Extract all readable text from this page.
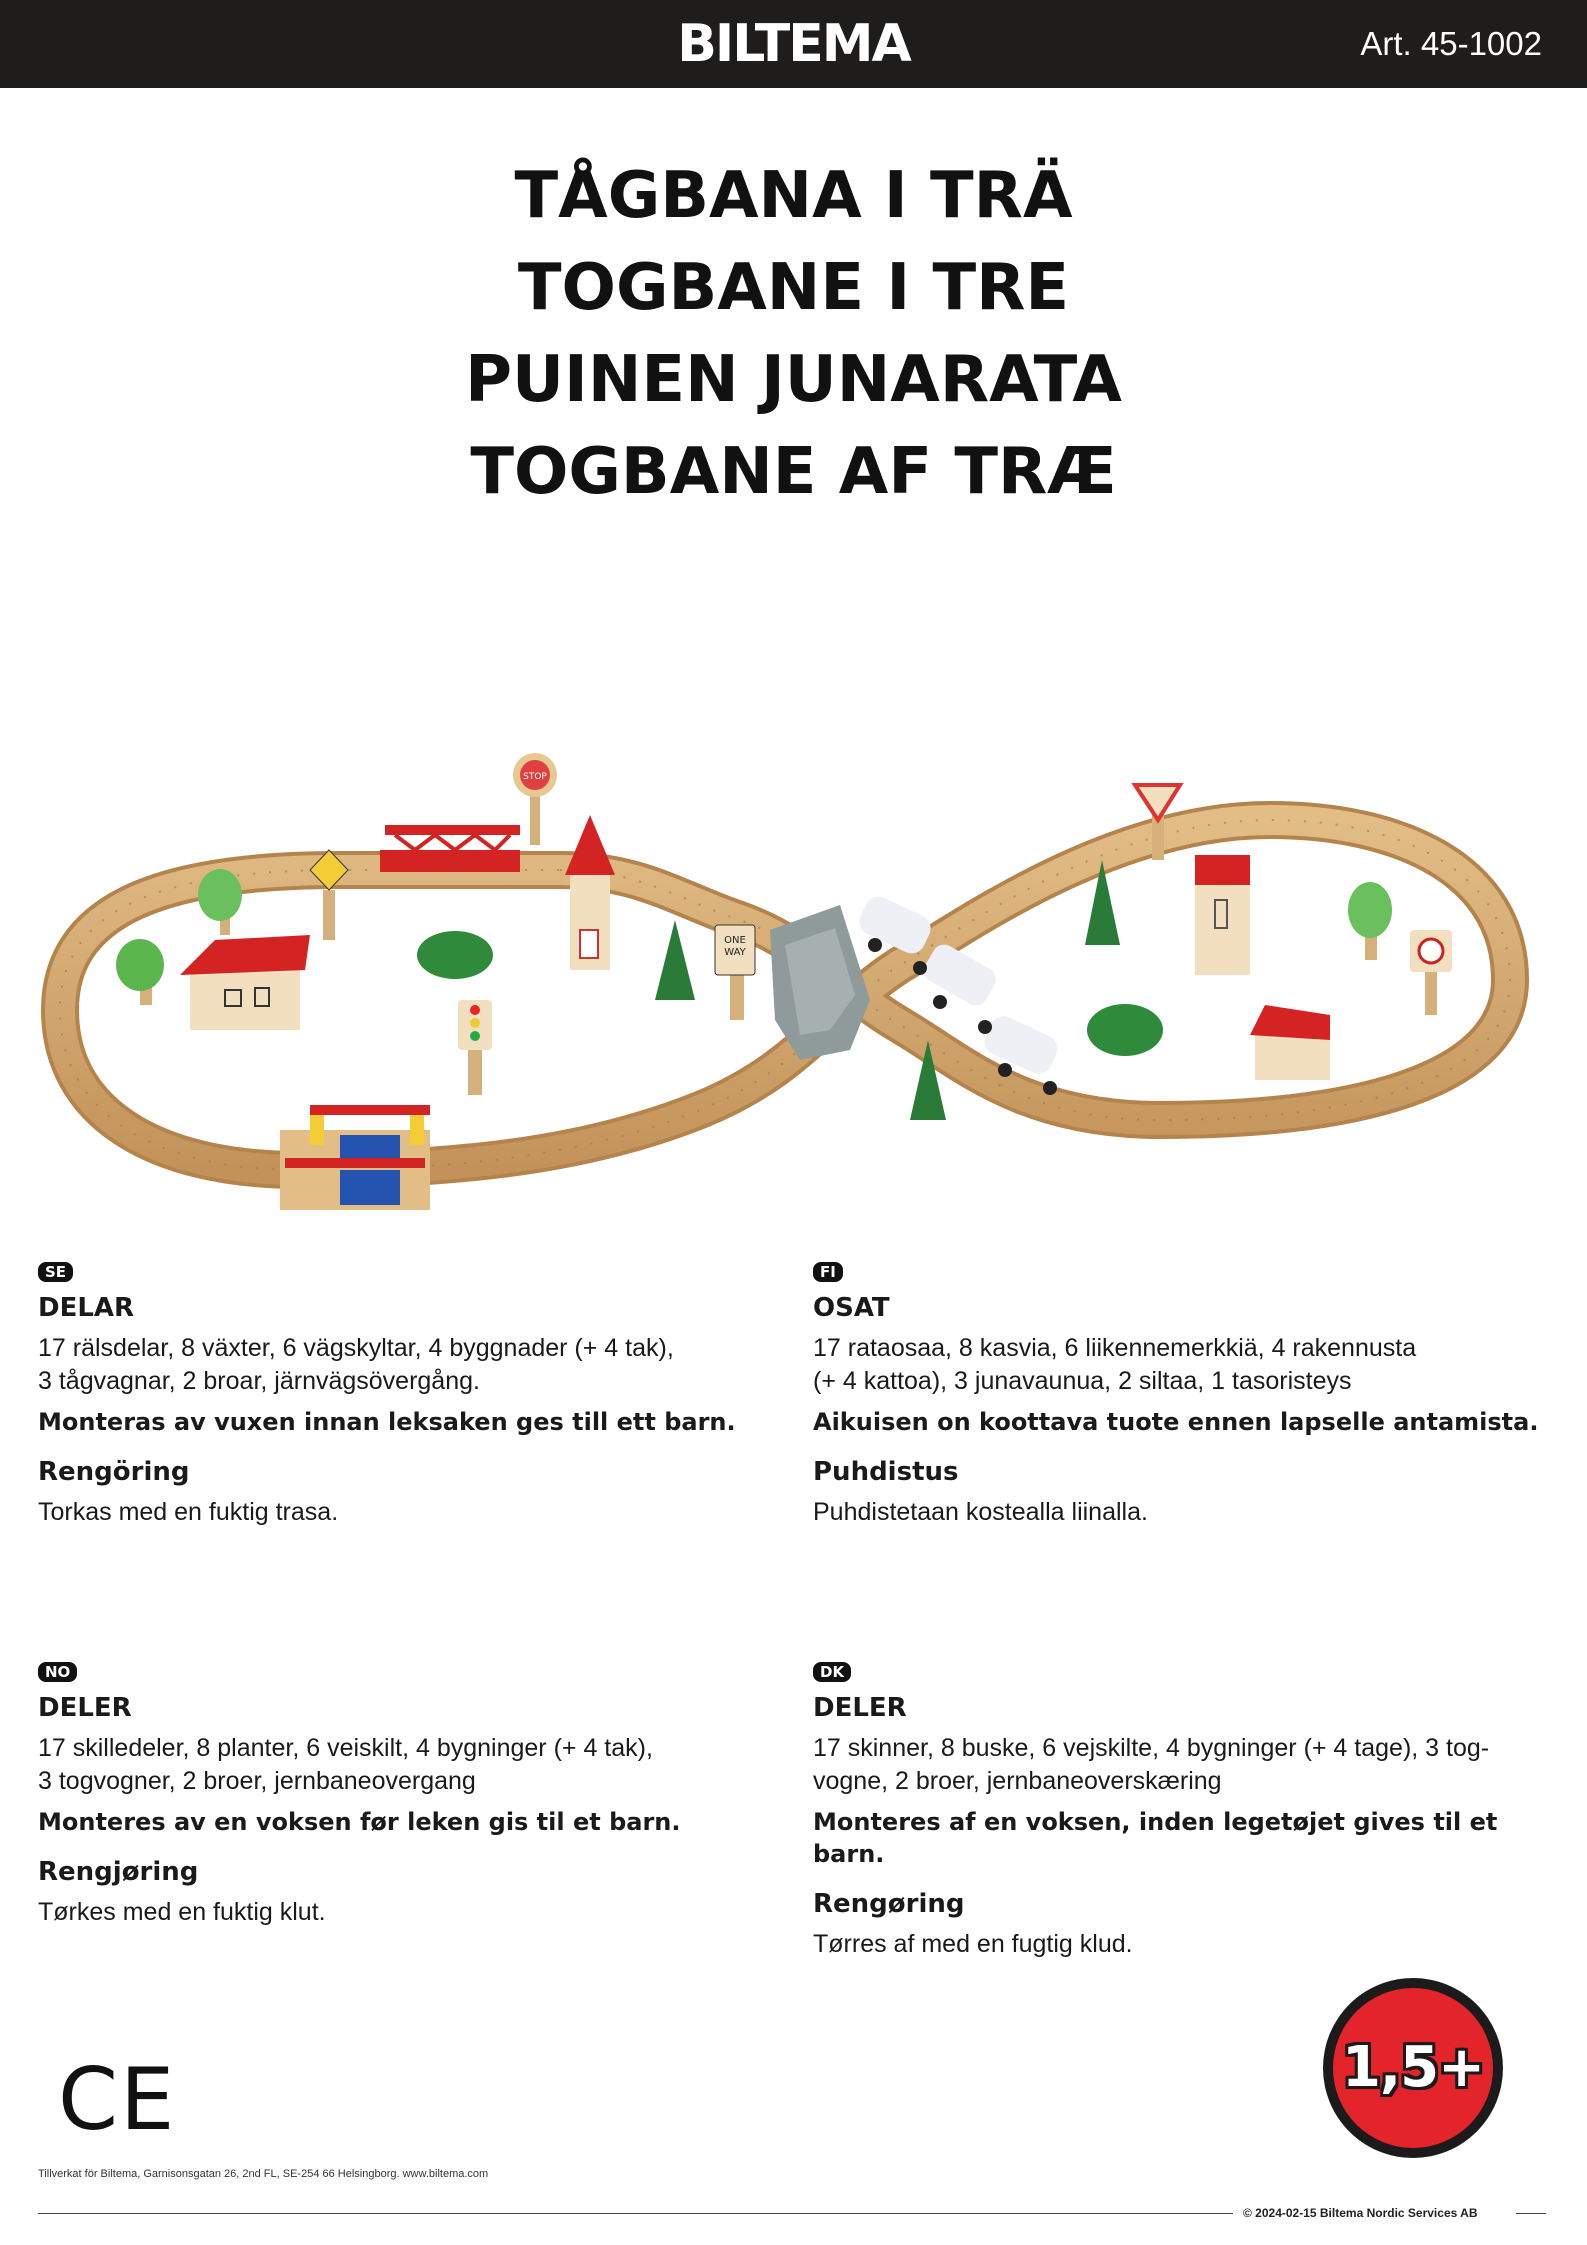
BILTEMA	Art. 45-1002
TÅGBANA I TRÄ
TOGBANE I TRE
PUINEN JUNARATA
TOGBANE AF TRÆ
STOP
ONE
WAY
SE
DELAR
17 rälsdelar, 8 växter, 6 vägskyltar, 4 byggnader (+ 4 tak),
3 tågvagnar, 2 broar, järnvägsövergång.
Monteras av vuxen innan leksaken ges till ett barn.
Rengöring
Torkas med en fuktig trasa.
FI
OSAT
17 rataosaa, 8 kasvia, 6 liikennemerkkiä, 4 rakennusta
(+ 4 kattoa), 3 junavaunua, 2 siltaa, 1 tasoristeys
Aikuisen on koottava tuote ennen lapselle antamista.
Puhdistus
Puhdistetaan kostealla liinalla.
NO
DELER
17 skilledeler, 8 planter, 6 veiskilt, 4 bygninger (+ 4 tak),
3 togvogner, 2 broer, jernbaneovergang
Monteres av en voksen før leken gis til et barn.
Rengjøring
Tørkes med en fuktig klut.
DK
DELER
17 skinner, 8 buske, 6 vejskilte, 4 bygninger (+ 4 tage), 3 tog-
vogne, 2 broer, jernbaneoverskæring
Monteres af en voksen, inden legetøjet gives til et barn.
Rengøring
Tørres af med en fugtig klud.
CE	1,5+
Tillverkat för Biltema, Garnisonsgatan 26, 2nd FL, SE-254 66 Helsingborg. www.biltema.com
© 2024-02-15 Biltema Nordic Services AB
